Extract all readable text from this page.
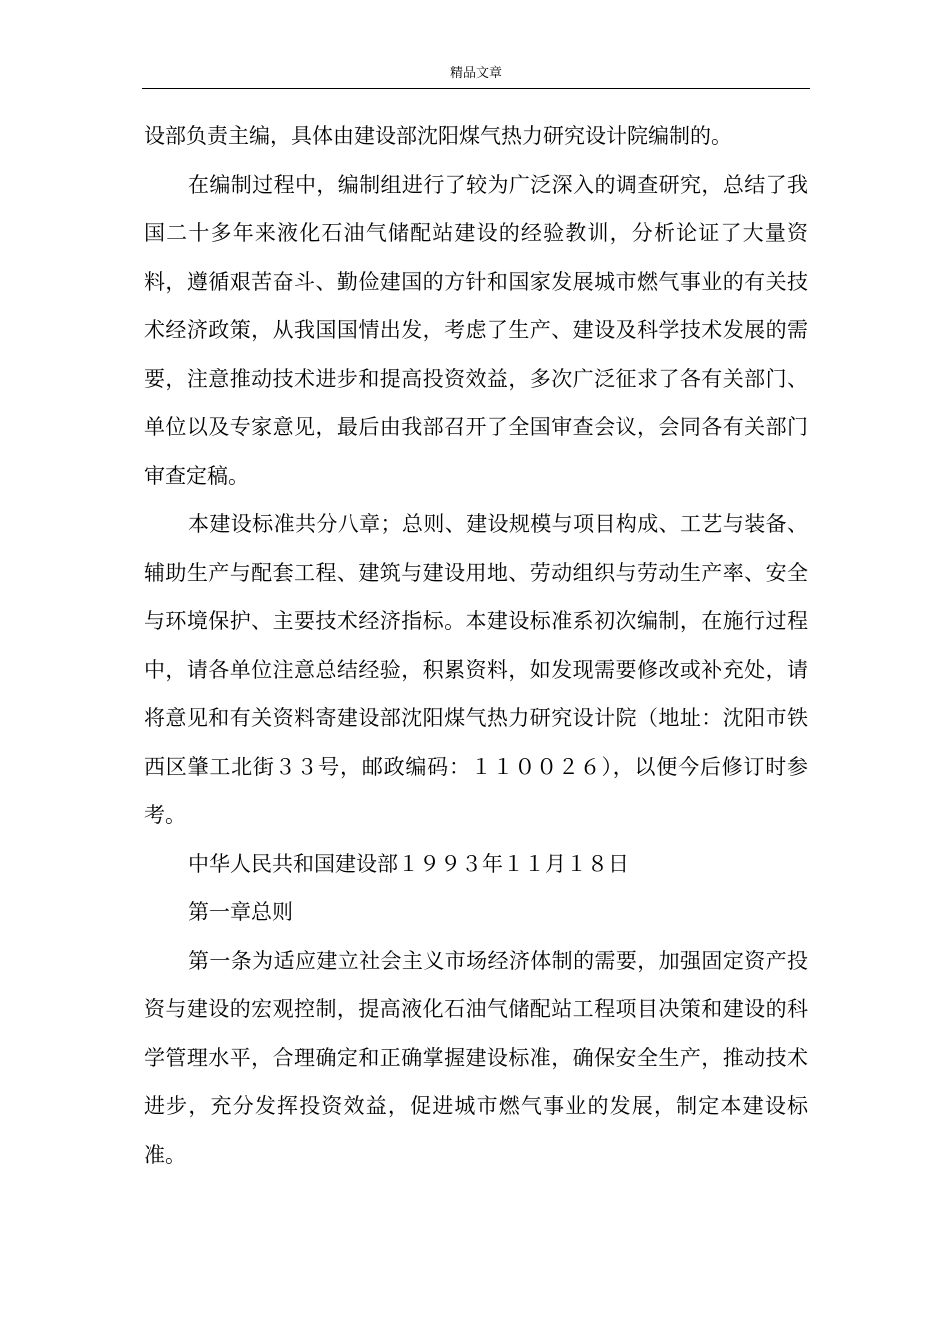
精品文章

设部负责主编，具体由建设部沈阳煤气热力研究设计院编制的。

在编制过程中，编制组进行了较为广泛深入的调查研究，总结了我国二十多年来液化石油气储配站建设的经验教训，分析论证了大量资料，遵循艰苦奋斗、勤俭建国的方针和国家发展城市燃气事业的有关技术经济政策，从我国国情出发，考虑了生产、建设及科学技术发展的需要，注意推动技术进步和提高投资效益，多次广泛征求了各有关部门、单位以及专家意见，最后由我部召开了全国审查会议，会同各有关部门审查定稿。

本建设标准共分八章；总则、建设规模与项目构成、工艺与装备、辅助生产与配套工程、建筑与建设用地、劳动组织与劳动生产率、安全与环境保护、主要技术经济指标。本建设标准系初次编制，在施行过程中，请各单位注意总结经验，积累资料，如发现需要修改或补充处，请将意见和有关资料寄建设部沈阳煤气热力研究设计院（地址：沈阳市铁西区肇工北街３３号，邮政编码：１１００２６），以便今后修订时参考。

中华人民共和国建设部１９９３年１１月１８日

第一章总则

第一条为适应建立社会主义市场经济体制的需要，加强固定资产投资与建设的宏观控制，提高液化石油气储配站工程项目决策和建设的科学管理水平，合理确定和正确掌握建设标准，确保安全生产，推动技术进步，充分发挥投资效益，促进城市燃气事业的发展，制定本建设标准。
